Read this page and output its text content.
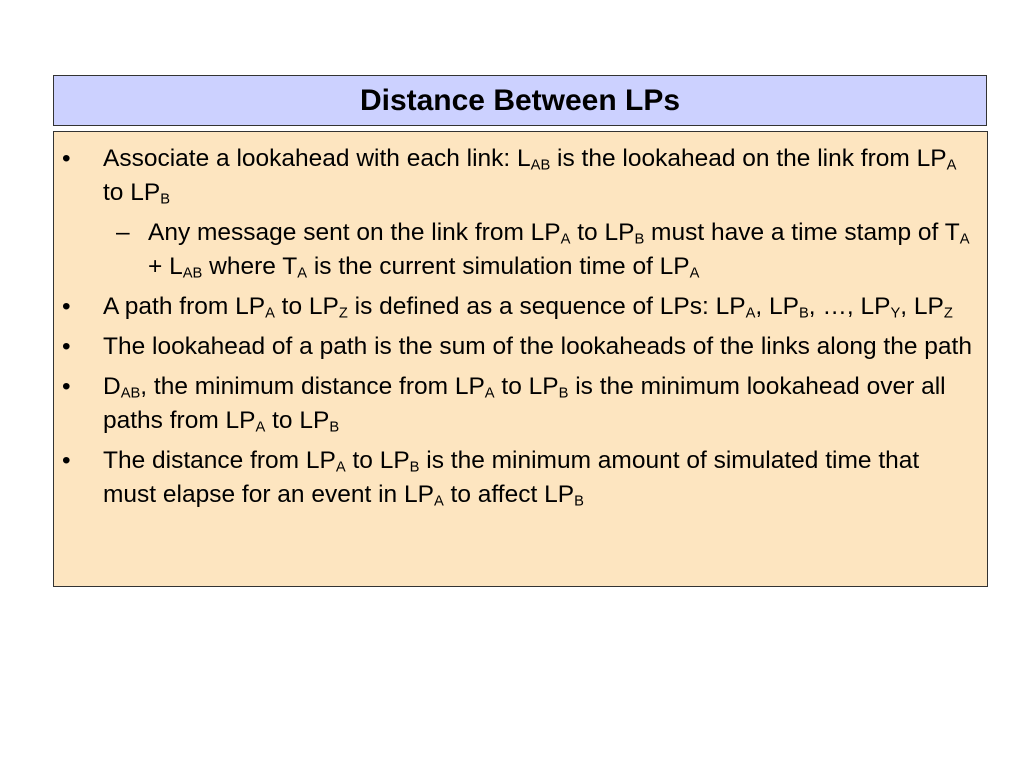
Distance Between LPs
• Associate a lookahead with each link: $L_{AB}$ is the lookahead on the link from $LP_A$ to $LP_B$
– Any message sent on the link from $LP_A$ to $LP_B$ must have a time stamp of $T_A + L_{AB}$ where $T_A$ is the current simulation time of $LP_A$
• A path from $LP_A$ to $LP_Z$ is defined as a sequence of LPs: $LP_A$, $LP_B$, …, $LP_Y$, $LP_Z$
• The lookahead of a path is the sum of the lookaheads of the links along the path
• $D_{AB}$, the minimum distance from $LP_A$ to $LP_B$ is the minimum lookahead over all paths from $LP_A$ to $LP_B$
• The distance from $LP_A$ to $LP_B$ is the minimum amount of simulated time that must elapse for an event in $LP_A$ to affect $LP_B$
